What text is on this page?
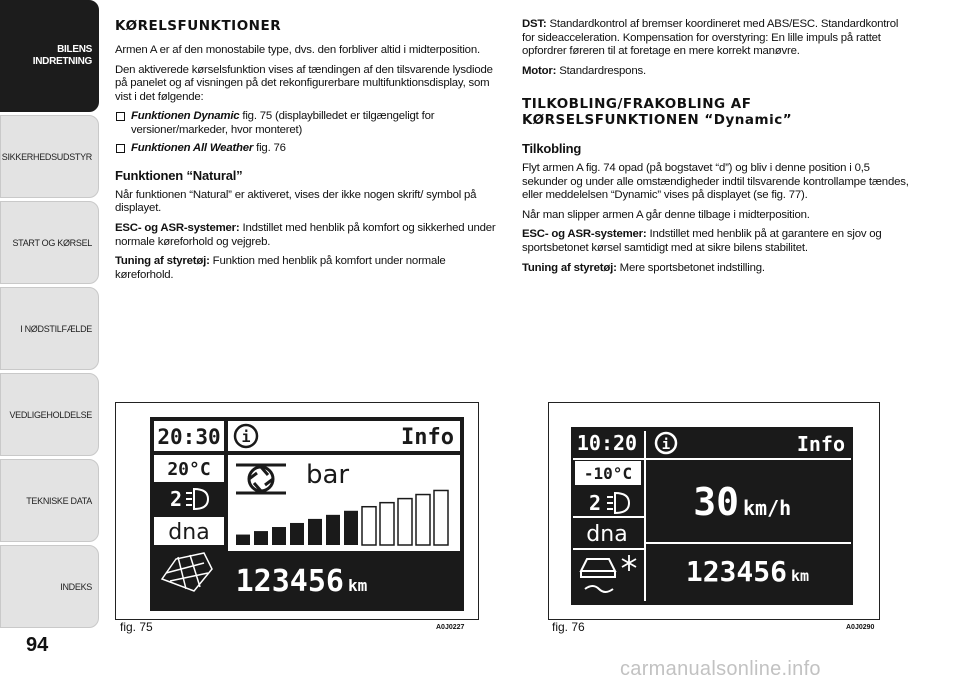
BILENS
INDRETNING
SIKKERHEDSUDSTYR
START OG KØRSEL
I NØDSTILFÆLDE
VEDLIGEHOLDELSE
TEKNISKE DATA
INDEKS
94
KØRELSFUNKTIONER

Armen A er af den monostabile type, dvs. den forbliver altid i midterposition.

Den aktiverede kørselsfunktion vises af tændingen af den tilsvarende lysdiode på panelet og af visningen på det rekonfigurerbare multifunktionsdisplay, som vist i det følgende:

Funktionen Dynamic fig. 75 (displaybilledet er tilgængeligt for versioner/markeder, hvor monteret)
Funktionen All Weather fig. 76
Funktionen “Natural”

Når funktionen “Natural” er aktiveret, vises der ikke nogen skrift/ symbol på displayet.

ESC- og ASR-systemer: Indstillet med henblik på komfort og sikkerhed under normale køreforhold og vejgreb.

Tuning af styretøj: Funktion med henblik på komfort under normale køreforhold.

DST: Standardkontrol af bremser koordineret med ABS/ESC. Standardkontrol for sideacceleration. Kompensation for overstyring: En lille impuls på rattet opfordrer føreren til at foretage en mere korrekt manøvre.

Motor: Standardrespons.

TILKOBLING/FRAKOBLING AF KØRSELSFUNKTIONEN “Dynamic”
Tilkobling

Flyt armen A fig. 74 opad (på bogstavet “d”) og bliv i denne position i 0,5 sekunder og under alle omstændigheder indtil tilsvarende kontrollampe tændes, eller meddelelsen “Dynamic” vises på displayet (se fig. 77).

Når man slipper armen A går denne tilbage i midterposition.

ESC- og ASR-systemer: Indstillet med henblik på at garantere en sjov og sportsbetonet kørsel samtidigt med at sikre bilens stabilitet.

Tuning af styretøj: Mere sportsbetonet indstilling.

20:30 i	Info
20°C
2
dna
bar
123456 km
fig. 75	A0J0227
10:20 i	Info
-10°C
2
dna
30 km/h
123456 km
fig. 76	A0J0290
carmanualsonline.info
